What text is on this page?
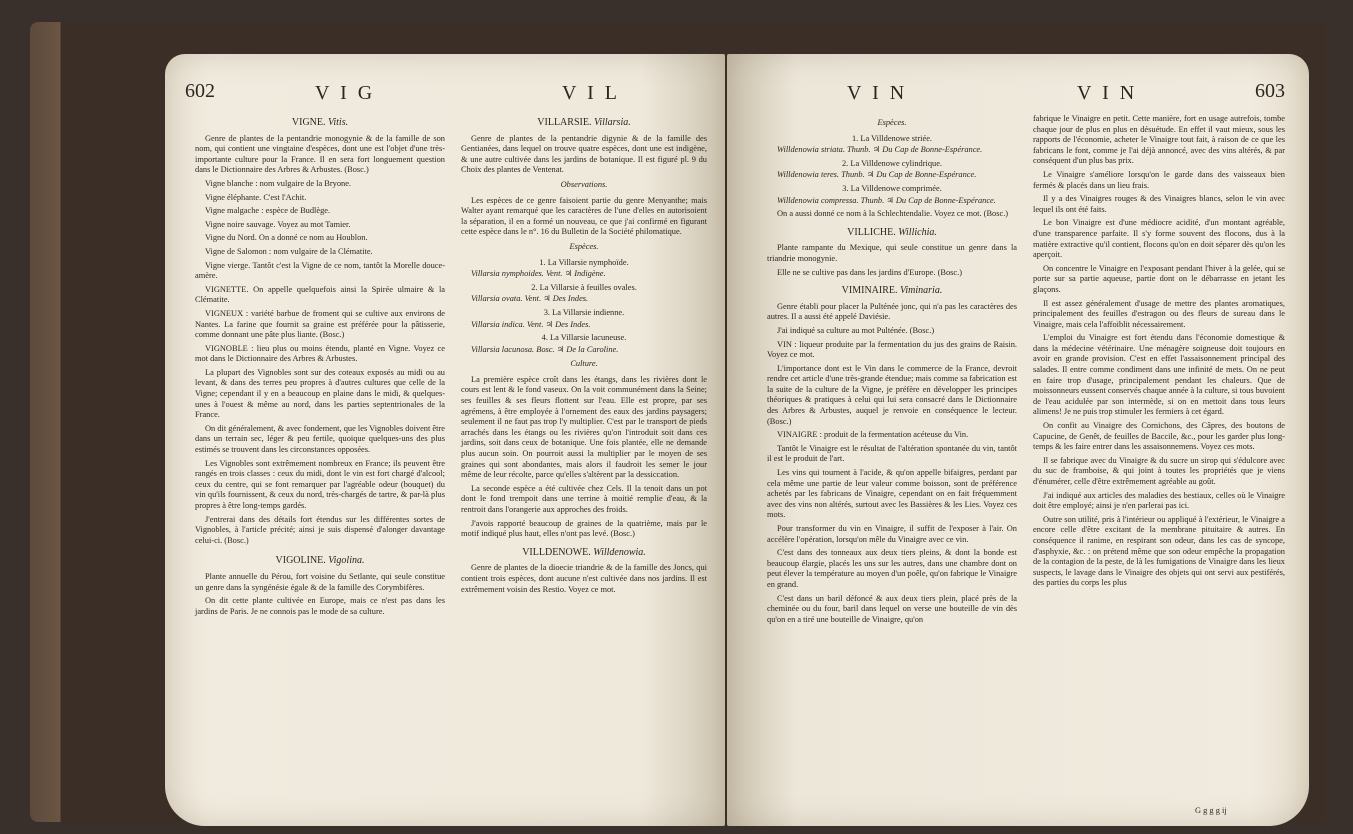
602	V I G	V I L
VIGNE. Vitis.

Genre de plantes de la pentandrie monogynie & de la famille de son nom, qui contient une vingtaine d'espèces, dont une est l'objet d'une très-importante culture pour la France. Il en sera fort longuement question dans le Dictionnaire des Arbres & Arbustes. (Bosc.)

Vigne blanche : nom vulgaire de la Bryone.

Vigne éléphante. C'est l'Achit.

Vigne malgache : espèce de Budlège.

Vigne noire sauvage. Voyez au mot Tamier.

Vigne du Nord. On a donné ce nom au Houblon.

Vigne de Salomon : nom vulgaire de la Clématite.

Vigne vierge. Tantôt c'est la Vigne de ce nom, tantôt la Morelle douce-amère.

VIGNETTE. On appelle quelquefois ainsi la Spirée ulmaire & la Clématite.

VIGNEUX : variété barbue de froment qui se cultive aux environs de Nantes. La farine que fournit sa graine est préférée pour la pâtisserie, comme donnant une pâte plus liante. (Bosc.)

VIGNOBLE : lieu plus ou moins étendu, planté en Vigne. Voyez ce mot dans le Dictionnaire des Arbres & Arbustes.

La plupart des Vignobles sont sur des coteaux exposés au midi ou au levant, & dans des terres peu propres à d'autres cultures que celle de la Vigne; cependant il y en a beaucoup en plaine dans le midi, & quelques-unes à l'ouest & même au nord, dans les parties septentrionales de la France.

On dit généralement, & avec fondement, que les Vignobles doivent être dans un terrain sec, léger & peu fertile, quoique quelques-uns des plus estimés se trouvent dans les circonstances opposées.

Les Vignobles sont extrêmement nombreux en France; ils peuvent être rangés en trois classes : ceux du midi, dont le vin est fort chargé d'alcool; ceux du centre, qui se font remarquer par l'agréable odeur (bouquet) du vin qu'ils fournissent, & ceux du nord, très-chargés de tartre, & par-là plus propres à être long-temps gardés.

J'entrerai dans des détails fort étendus sur les différentes sortes de Vignobles, à l'article précité; ainsi je suis dispensé d'alonger davantage celui-ci. (Bosc.)

VIGOLINE. Vigolina.

Plante annuelle du Pérou, fort voisine du Setlante, qui seule constitue un genre dans la syngénésie égale & de la famille des Corymbifères.

On dit cette plante cultivée en Europe, mais ce n'est pas dans les jardins de Paris. Je ne connois pas le mode de sa culture.

VILLARSIE. Villarsia.

Genre de plantes de la pentandrie digynie & de la famille des Gentianées, dans lequel on trouve quatre espèces, dont une est indigène, & une autre cultivée dans les jardins de botanique. Il est figuré pl. 9 du Choix des plantes de Ventenat.

Observations.

Les espèces de ce genre faisoient partie du genre Menyanthe; mais Walter ayant remarqué que les caractères de l'une d'elles en autorisoient la séparation, il en a formé un nouveau, ce que j'ai confirmé en figurant cette espèce dans le n°. 16 du Bulletin de la Société philomatique.

Espèces.

1. La Villarsie nymphoïde.

Villarsia nymphoides. Vent. ♃ Indigène.

2. La Villarsie à feuilles ovales.

Villarsia ovata. Vent. ♃ Des Indes.

3. La Villarsie indienne.

Villarsia indica. Vent. ♃ Des Indes.

4. La Villarsie lacuneuse.

Villarsia lacunosa. Bosc. ♃ De la Caroline.

Culture.

La première espèce croît dans les étangs, dans les rivières dont le cours est lent & le fond vaseux. On la voit communément dans la Seine; ses feuilles & ses fleurs flottent sur l'eau. Elle est propre, par ses agrémens, à être employée à l'ornement des eaux des jardins paysagers; seulement il ne faut pas trop l'y multiplier. C'est par le transport de pieds arrachés dans les étangs ou les rivières qu'on l'introduit soit dans ces jardins, soit dans ceux de botanique. Une fois plantée, elle ne demande plus aucun soin. On pourroit aussi la multiplier par le moyen de ses graines qui sont abondantes, mais alors il faudroit les semer le jour même de leur récolte, parce qu'elles s'altèrent par la dessiccation.

La seconde espèce a été cultivée chez Cels. Il la tenoit dans un pot dont le fond trempoit dans une terrine à moitié remplie d'eau, & la rentroit dans l'orangerie aux approches des froids.

J'avois rapporté beaucoup de graines de la quatrième, mais par le motif indiqué plus haut, elles n'ont pas levé. (Bosc.)

VILLDENOWE. Willdenowia.

Genre de plantes de la dioecie triandrie & de la famille des Joncs, qui contient trois espèces, dont aucune n'est cultivée dans nos jardins. Il est extrêmement voisin des Restio. Voyez ce mot.

V I N	V I N	603
Espèces.

1. La Villdenowe striée.

Willdenowia striata. Thunb. ♃ Du Cap de Bonne-Espérance.

2. La Villdenowe cylindrique.

Willdenowia teres. Thunb. ♃ Du Cap de Bonne-Espérance.

3. La Villdenowe comprimée.

Willdenowia compressa. Thunb. ♃ Du Cap de Bonne-Espérance.

On a aussi donné ce nom à la Schlechtendalie. Voyez ce mot. (Bosc.)

VILLICHE. Willichia.

Plante rampante du Mexique, qui seule constitue un genre dans la triandrie monogynie.

Elle ne se cultive pas dans les jardins d'Europe. (Bosc.)

VIMINAIRE. Viminaria.

Genre établi pour placer la Pulténée jonc, qui n'a pas les caractères des autres. Il a aussi été appelé Daviésie.

J'ai indiqué sa culture au mot Pulténée. (Bosc.)

VIN : liqueur produite par la fermentation du jus des grains de Raisin. Voyez ce mot.

L'importance dont est le Vin dans le commerce de la France, devroit rendre cet article d'une très-grande étendue; mais comme sa fabrication est la suite de la culture de la Vigne, je préfère en développer les principes théoriques & pratiques à celui qui lui sera consacré dans le Dictionnaire des Arbres & Arbustes, auquel je renvoie en conséquence le lecteur. (Bosc.)

VINAIGRE : produit de la fermentation acéteuse du Vin.

Tantôt le Vinaigre est le résultat de l'altération spontanée du vin, tantôt il est le produit de l'art.

Les vins qui tournent à l'acide, & qu'on appelle bifaigres, perdant par cela même une partie de leur valeur comme boisson, sont de préférence achetés par les fabricans de Vinaigre, cependant on en fait fréquemment avec des vins non altérés, surtout avec les Bassières & les Lies. Voyez ces mots.

Pour transformer du vin en Vinaigre, il suffit de l'exposer à l'air. On accélère l'opération, lorsqu'on mêle du Vinaigre avec ce vin.

C'est dans des tonneaux aux deux tiers pleins, & dont la bonde est beaucoup élargie, placés les uns sur les autres, dans une chambre dont on peut élever la température au moyen d'un poêle, qu'on fabrique le Vinaigre en grand.

C'est dans un baril défoncé & aux deux tiers plein, placé près de la cheminée ou du four, baril dans lequel on verse une bouteille de vin dès qu'on en a tiré une bouteille de Vinaigre, qu'on

fabrique le Vinaigre en petit. Cette manière, fort en usage autrefois, tombe chaque jour de plus en plus en désuétude. En effet il vaut mieux, sous les rapports de l'économie, acheter le Vinaigre tout fait, à raison de ce que les fabricans le font, comme je l'ai déjà annoncé, avec des vins altérés, & par conséquent d'un plus bas prix.

Le Vinaigre s'améliore lorsqu'on le garde dans des vaisseaux bien fermés & placés dans un lieu frais.

Il y a des Vinaigres rouges & des Vinaigres blancs, selon le vin avec lequel ils ont été faits.

Le bon Vinaigre est d'une médiocre acidité, d'un montant agréable, d'une transparence parfaite. Il s'y forme souvent des flocons, dus à la matière extractive qu'il contient, flocons qu'on en doit séparer dès qu'on les aperçoit.

On concentre le Vinaigre en l'exposant pendant l'hiver à la gelée, qui se porte sur sa partie aqueuse, partie dont on le débarrasse en jetant les glaçons.

Il est assez généralement d'usage de mettre des plantes aromatiques, principalement des feuilles d'estragon ou des fleurs de sureau dans le Vinaigre, mais cela l'affoiblit nécessairement.

L'emploi du Vinaigre est fort étendu dans l'économie domestique & dans la médecine vétérinaire. Une ménagère soigneuse doit toujours en avoir en grande provision. C'est en effet l'assaisonnement principal des salades. Il entre comme condiment dans une infinité de mets. On ne peut en faire trop d'usage, principalement pendant les chaleurs. Que de moissonneurs eussent conservés chaque année à la culture, si tous buvoient de l'eau acidulée par son intermède, si on en mettoit dans tous leurs alimens! Je ne puis trop stimuler les fermiers à cet égard.

On confit au Vinaigre des Cornichons, des Câpres, des boutons de Capucine, de Genêt, de feuilles de Baccile, &c., pour les garder plus long-temps & les faire entrer dans les assaisonnemens. Voyez ces mots.

Il se fabrique avec du Vinaigre & du sucre un sirop qui s'édulcore avec du suc de framboise, & qui joint à toutes les propriétés que je viens d'énumérer, celle d'être extrêmement agréable au goût.

J'ai indiqué aux articles des maladies des bestiaux, celles où le Vinaigre doit être employé; ainsi je n'en parlerai pas ici.

Outre son utilité, pris à l'intérieur ou appliqué à l'extérieur, le Vinaigre a encore celle d'être excitant de la membrane pituitaire & autres. En conséquence il ranime, en respirant son odeur, dans les cas de syncope, d'asphyxie, &c. : on prétend même que son odeur empêche la propagation de la contagion de la peste, de là les fumigations de Vinaigre dans les lieux suspects, le lavage dans le Vinaigre des objets qui ont servi aux pestiférés, des parties du corps les plus

G g g g ij
